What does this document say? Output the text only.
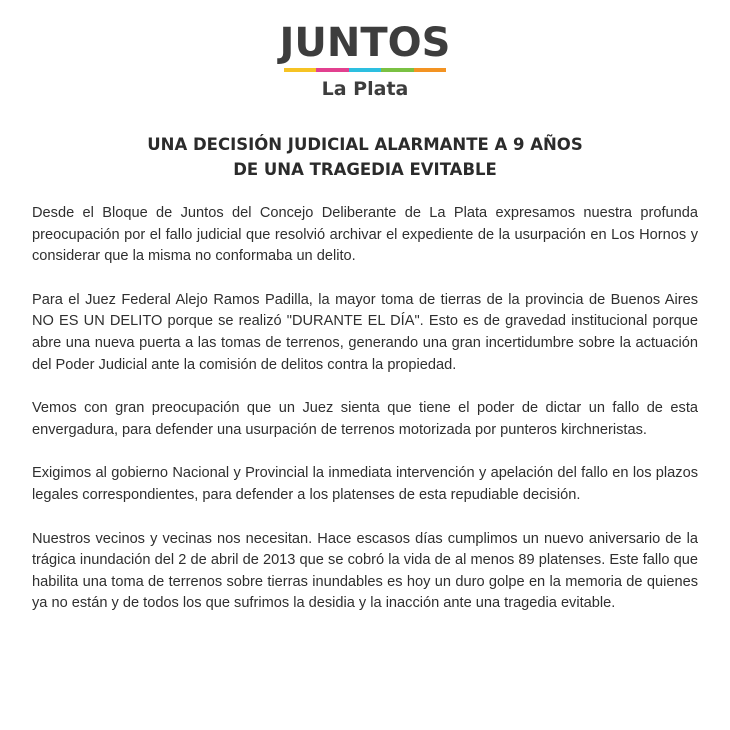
JUNTOS
La Plata
UNA DECISIÓN JUDICIAL ALARMANTE A 9 AÑOS
DE UNA TRAGEDIA EVITABLE

Desde el Bloque de Juntos del Concejo Deliberante de La Plata expresamos nuestra profunda preocupación por el fallo judicial que resolvió archivar el expediente de la usurpación en Los Hornos y considerar que la misma no conformaba un delito.

Para el Juez Federal Alejo Ramos Padilla, la mayor toma de tierras de la provincia de Buenos Aires NO ES UN DELITO porque se realizó "DURANTE EL DÍA". Esto es de gravedad institucional porque abre una nueva puerta a las tomas de terrenos, generando una gran incertidumbre sobre la actuación del Poder Judicial ante la comisión de delitos contra la propiedad.

Vemos con gran preocupación que un Juez sienta que tiene el poder de dictar un fallo de esta envergadura, para defender una usurpación de terrenos motorizada por punteros kirchneristas.

Exigimos al gobierno Nacional y Provincial la inmediata intervención y apelación del fallo en los plazos legales correspondientes, para defender a los platenses de esta repudiable decisión.

Nuestros vecinos y vecinas nos necesitan. Hace escasos días cumplimos un nuevo aniversario de la trágica inundación del 2 de abril de 2013 que se cobró la vida de al menos 89 platenses. Este fallo que habilita una toma de terrenos sobre tierras inundables es hoy un duro golpe en la memoria de quienes ya no están y de todos los que sufrimos la desidia y la inacción ante una tragedia evitable.
